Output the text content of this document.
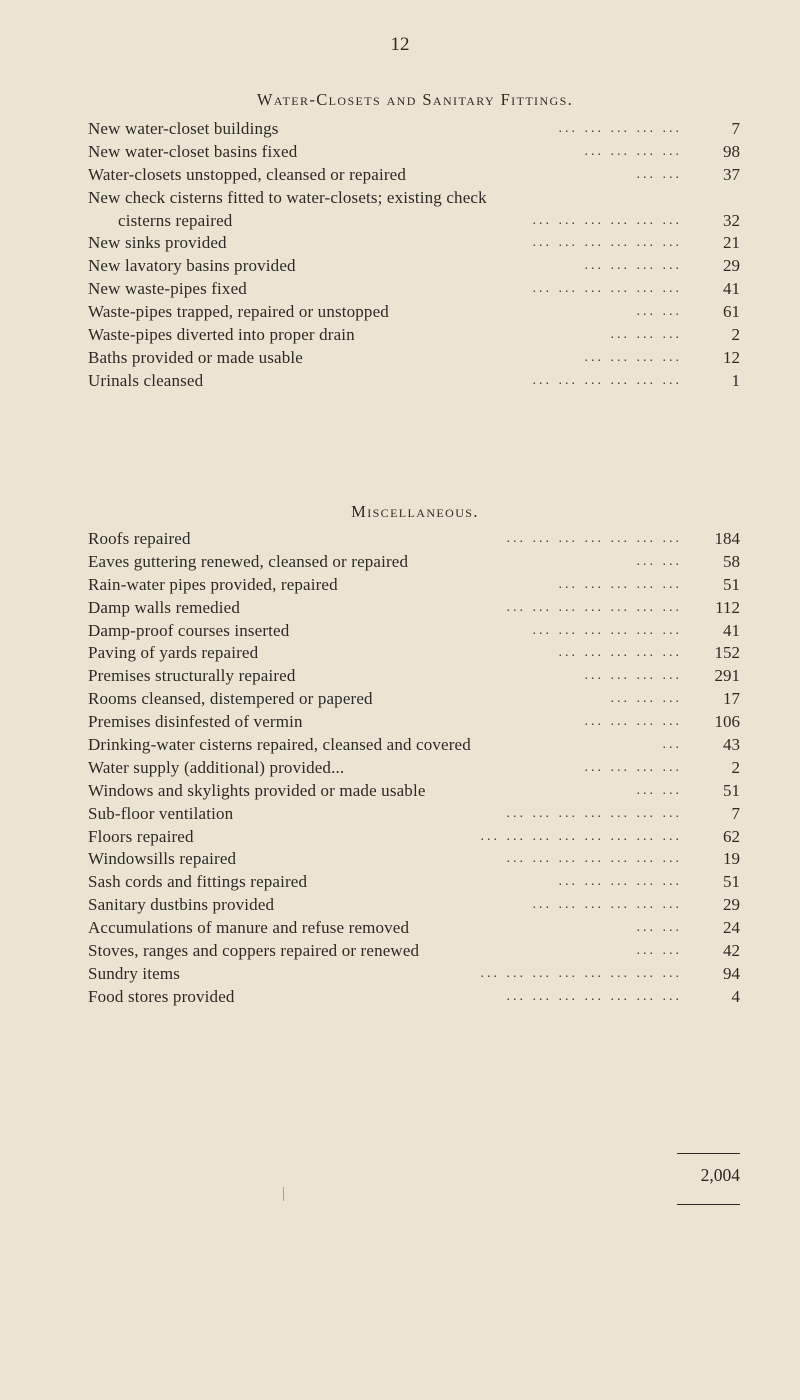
12
Water-Closets and Sanitary Fittings.
New water-closet buildings	... ... ... ... ...	7
New water-closet basins fixed	... ... ... ... 98
Water-closets unstopped, cleansed or repaired	... ... 37
New check cisterns fitted to water-closets; existing check
cisterns repaired	... ... ... ... ... ... 32
New sinks provided	... ... ... ... ... ... 21
New lavatory basins provided	... ... ... ... 29
New waste-pipes fixed	... ... ... ... ... ... 41
Waste-pipes trapped, repaired or unstopped	... ... 61
Waste-pipes diverted into proper drain	... ... ...	2
Baths provided or made usable	... ... ... ... 12
Urinals cleansed	... ... ... ... ... ...	1
Miscellaneous.
Roofs repaired	... ... ... ... ... ... ... 184
Eaves guttering renewed, cleansed or repaired	... ... 58
Rain-water pipes provided, repaired	... ... ... ... ... 51
Damp walls remedied	... ... ... ... ... ... ... 112
Damp-proof courses inserted	... ... ... ... ... ... 41
Paving of yards repaired	... ... ... ... ... 152
Premises structurally repaired	... ... ... ... 291
Rooms cleansed, distempered or papered	... ... ... 17
Premises disinfested of vermin	... ... ... ... 106
Drinking-water cisterns repaired, cleansed and covered	... 43
Water supply (additional) provided...	... ... ... ...	2
Windows and skylights provided or made usable	... ... 51
Sub-floor ventilation	... ... ... ... ... ... ...	7
Floors repaired	... ... ... ... ... ... ... ... 62
Windowsills repaired	... ... ... ... ... ... ... 19
Sash cords and fittings repaired	... ... ... ... ... 51
Sanitary dustbins provided	... ... ... ... ... ... 29
Accumulations of manure and refuse removed	... ... 24
Stoves, ranges and coppers repaired or renewed	... ... 42
Sundry items	... ... ... ... ... ... ... ... 94
Food stores provided	... ... ... ... ... ... ...	4
2,004
